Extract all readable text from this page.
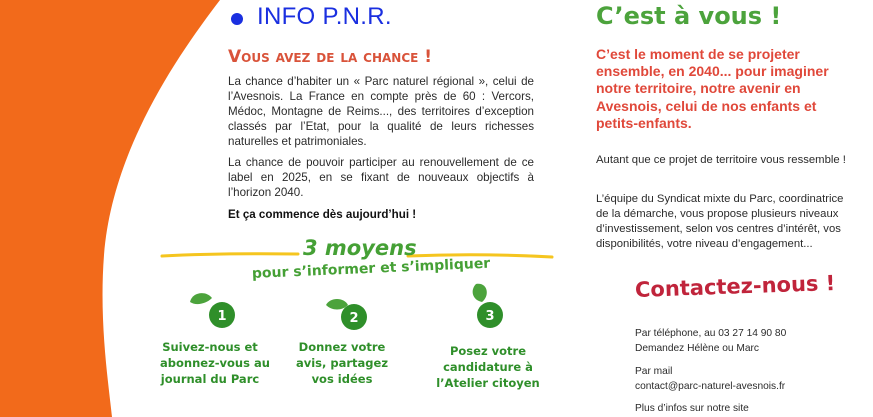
INFO P.N.R.
Vous avez de la chance !

La chance d’habiter un « Parc naturel régional », celui de l’Avesnois. La France en compte près de 60 : Vercors, Médoc, Montagne de Reims..., des territoires d’exception classés par l’Etat, pour la qualité de leurs richesses naturelles et patrimoniales.

La chance de pouvoir participer au renouvellement de ce label en 2025, en se fixant de nouveaux objectifs à l’horizon 2040.

Et ça commence dès aujourd’hui !

3 moyens
pour s’informer et s’impliquer
1	2	3
Suivez-nous et
abonnez-vous au
journal du Parc
Donnez votre
avis, partagez
vos idées
Posez votre
candidature à
l’Atelier citoyen
C’est à vous !

C’est le moment de se projeter ensemble, en 2040... pour imaginer notre territoire, notre avenir en Avesnois, celui de nos enfants et petits-enfants.

Autant que ce projet de territoire vous ressemble !

L’équipe du Syndicat mixte du Parc, coordinatrice de la démarche, vous propose plusieurs niveaux d’investissement, selon vos centres d’intérêt, vos disponibilités, votre niveau d’engagement...

Contactez-nous !
Par téléphone, au 03 27 14 90 80
Demandez Hélène ou Marc
Par mail
contact@parc-naturel-avesnois.fr
Plus d’infos sur notre site
